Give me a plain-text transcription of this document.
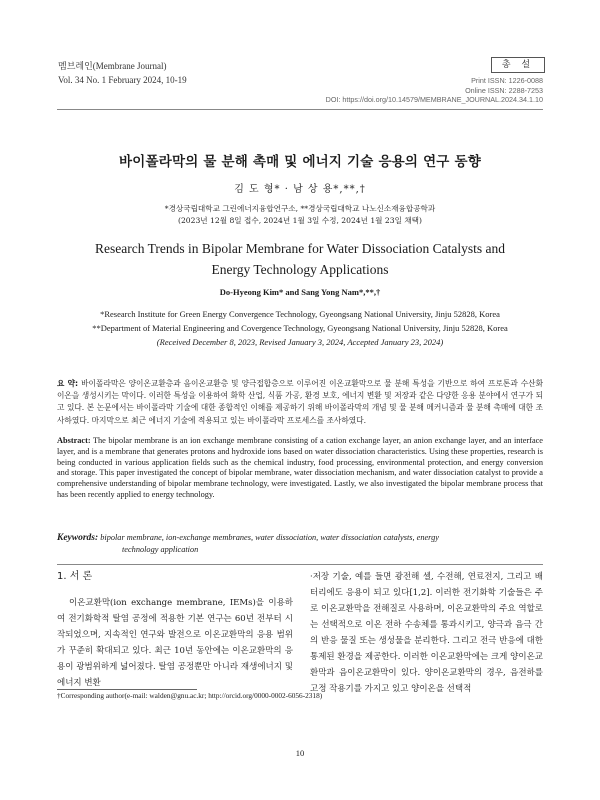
멤브레인(Membrane Journal)
Vol. 34 No. 1 February 2024, 10-19
총 설
Print ISSN: 1226-0088
Online ISSN: 2288-7253
DOI: https://doi.org/10.14579/MEMBRANE_JOURNAL.2024.34.1.10
바이폴라막의 물 분해 촉매 및 에너지 기술 응용의 연구 동향
김 도 형* · 남 상 용*,**,†
*경상국립대학교 그린에너지융합연구소, **경상국립대학교 나노신소재융합공학과
(2023년 12월 8일 접수, 2024년 1월 3일 수정, 2024년 1월 23일 채택)
Research Trends in Bipolar Membrane for Water Dissociation Catalysts and
Energy Technology Applications
Do-Hyeong Kim* and Sang Yong Nam*,**,†
*Research Institute for Green Energy Convergence Technology, Gyeongsang National University, Jinju 52828, Korea
**Department of Material Engineering and Covergence Technology, Gyeongsang National University, Jinju 52828, Korea
(Received December 8, 2023, Revised January 3, 2024, Accepted January 23, 2024)
요 약: 바이폴라막은 양이온교환층과 음이온교환층 및 양극접합층으로 이루어진 이온교환막으로 물 분해 특성을 기반으로 하여 프로톤과 수산화 이온을 생성시키는 막이다. 이러한 특성을 이용하여 화학 산업, 식품 가공, 환경 보호, 에너지 변환 및 저장과 같은 다양한 응용 분야에서 연구가 되고 있다. 본 논문에서는 바이폴라막 기술에 대한 종합적인 이해를 제공하기 위해 바이폴라막의 개념 및 물 분해 메커니즘과 물 분해 촉매에 대한 조사하였다. 마지막으로 최근 에너지 기술에 적용되고 있는 바이폴라막 프로세스를 조사하였다.
Abstract: The bipolar membrane is an ion exchange membrane consisting of a cation exchange layer, an anion exchange layer, and an interface layer, and is a membrane that generates protons and hydroxide ions based on water dissociation characteristics. Using these properties, research is being conducted in various application fields such as the chemical industry, food processing, environmental protection, and energy conversion and storage. This paper investigated the concept of bipolar membrane, water dissociation mechanism, and water dissociation catalyst to provide a comprehensive understanding of bipolar membrane technology, were investigated. Lastly, we also investigated the bipolar membrane process that has been recently applied to energy technology.
Keywords: bipolar membrane, ion-exchange membranes, water dissociation, water dissociation catalysts, energy
technology application
1. 서 론
이온교환막(ion exchange membrane, IEMs)을 이용하여 전기화학적 탈염 공정에 적용한 기본 연구는 60년 전부터 시작되었으며, 지속적인 연구와 발전으로 이온교환막의 응용 범위가 꾸준히 확대되고 있다. 최근 10년 동안에는 이온교환막의 응용이 광범위하게 넓어졌다. 탈염 공정뿐만 아니라 재생에너지 및 에너지 변환
·저장 기술, 예를 들면 광전해 셀, 수전해, 연료전지, 그리고 배터리에도 응용이 되고 있다[1,2]. 이러한 전기화학 기술들은 주로 이온교환막을 전해질로 사용하며, 이온교환막의 주요 역할로는 선택적으로 이온 전하 수송체를 통과시키고, 양극과 음극 간의 반응 물질 또는 생성물을 분리한다. 그리고 전극 반응에 대한 통제된 환경을 제공한다. 이러한 이온교환막에는 크게 양이온교환막과 음이온교환막이 있다. 양이온교환막의 경우, 음전하를 고정 작용기를 가지고 있고 양이온을 선택적
†Corresponding author(e-mail: walden@gnu.ac.kr; http://orcid.org/0000-0002-6056-2318)
10
